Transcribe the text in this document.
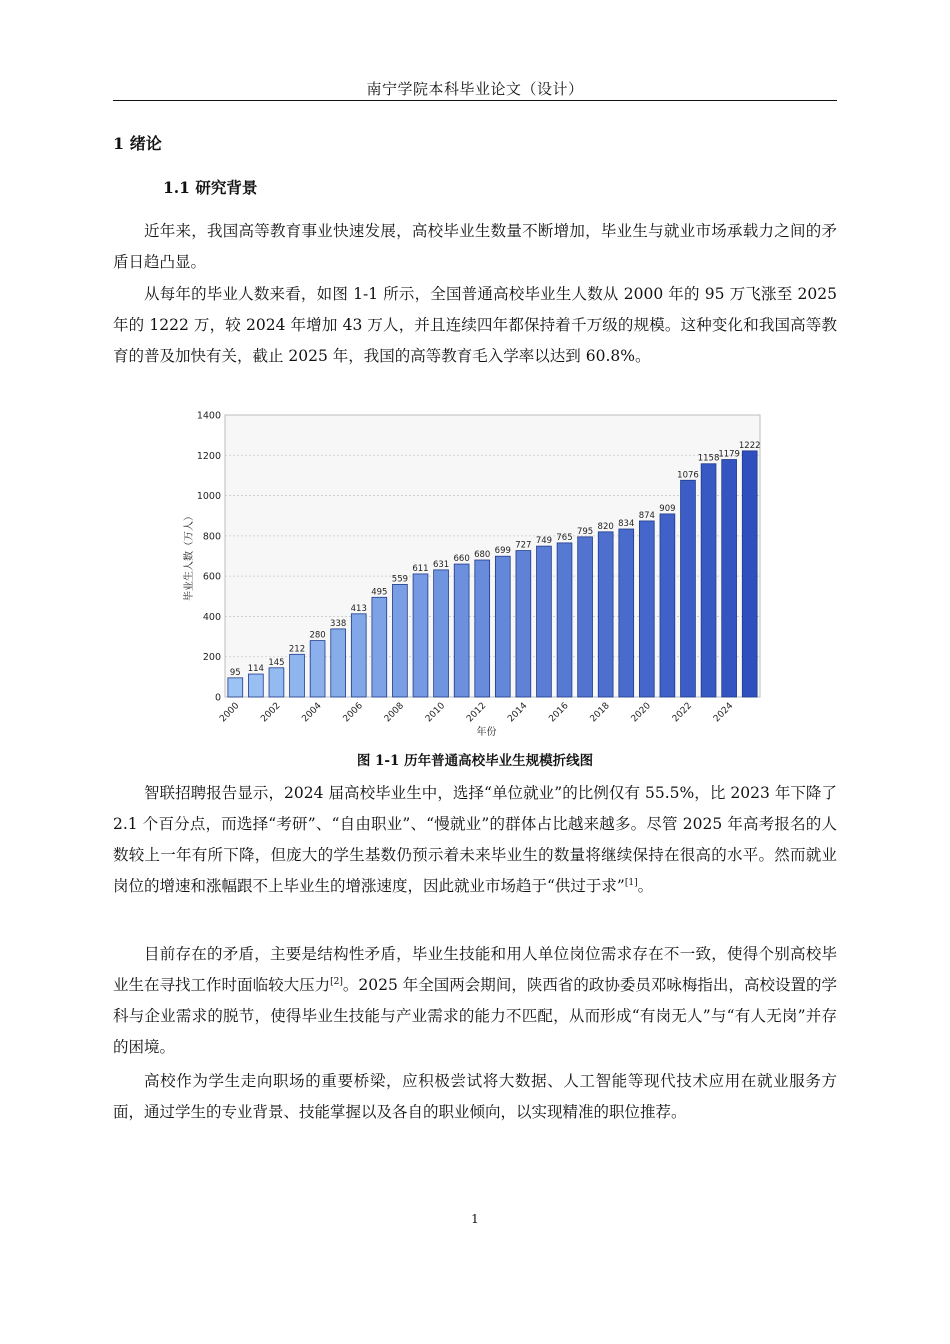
南宁学院本科毕业论文（设计）
1 绪论
1.1 研究背景

近年来，我国高等教育事业快速发展，高校毕业生数量不断增加，毕业生与就业市场承载力之间的矛盾日趋凸显。

从每年的毕业人数来看，如图 1-1 所示，全国普通高校毕业生人数从 2000 年的 95 万飞涨至 2025 年的 1222 万，较 2024 年增加 43 万人，并且连续四年都保持着千万级的规模。这种变化和我国高等教育的普及加快有关，截止 2025 年，我国的高等教育毛入学率以达到 60.8%。

0
200
400
600
800
1000
1200
1400
95 114
145
212
280
338
413
495
559
611 631
660 680 699
727 749 765
795
820 834
874
909
1076
1158
1179
1222
2000 2002 2004 2006 2008 2010 2012 2014 2016 2018 2020 2022 2024
年份
毕业生人数（万人）
图 1-1 历年普通高校毕业生规模折线图

智联招聘报告显示，2024 届高校毕业生中，选择“单位就业”的比例仅有 55.5%，比 2023 年下降了 2.1 个百分点，而选择“考研”、“自由职业”、“慢就业”的群体占比越来越多。尽管 2025 年高考报名的人数较上一年有所下降，但庞大的学生基数仍预示着未来毕业生的数量将继续保持在很高的水平。然而就业岗位的增速和涨幅跟不上毕业生的增涨速度，因此就业市场趋于“供过于求”[1]。

目前存在的矛盾，主要是结构性矛盾，毕业生技能和用人单位岗位需求存在不一致，使得个别高校毕业生在寻找工作时面临较大压力[2]。2025 年全国两会期间，陕西省的政协委员邓咏梅指出，高校设置的学科与企业需求的脱节，使得毕业生技能与产业需求的能力不匹配，从而形成“有岗无人”与“有人无岗”并存的困境。

高校作为学生走向职场的重要桥梁，应积极尝试将大数据、人工智能等现代技术应用在就业服务方面，通过学生的专业背景、技能掌握以及各自的职业倾向，以实现精准的职位推荐。

1
